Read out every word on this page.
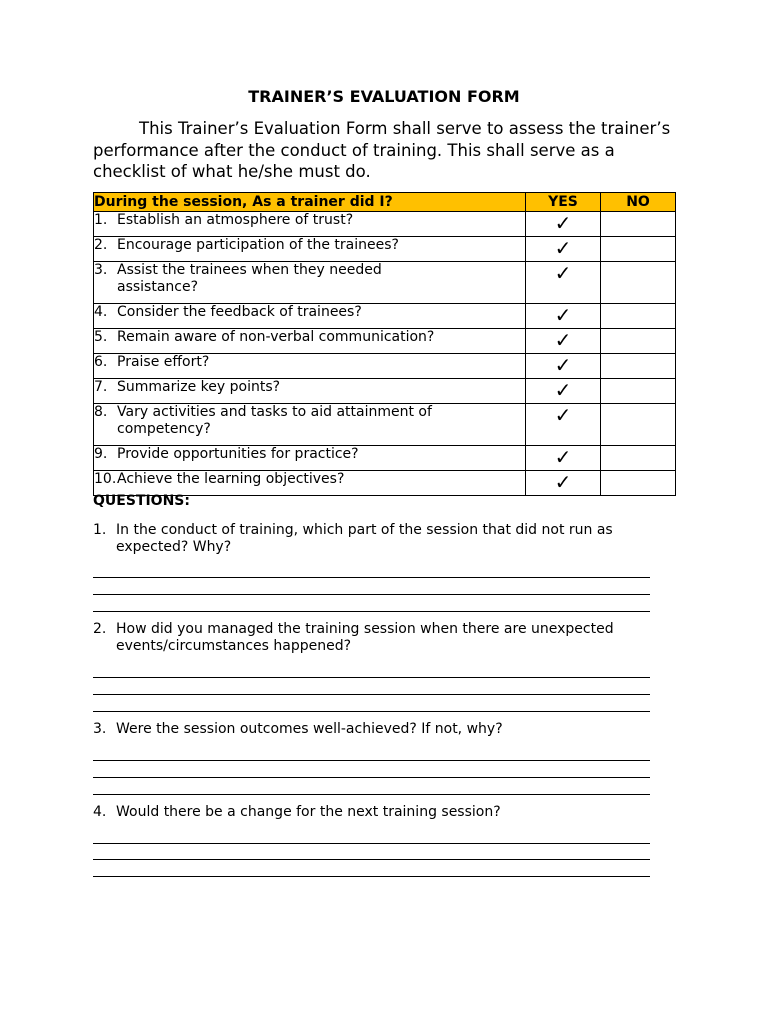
TRAINER’S EVALUATION FORM
This Trainer’s Evaluation Form shall serve to assess the trainer’s performance after the conduct of training. This shall serve as a checklist of what he/she must do.
During the session, As a trainer did I?	YES	NO
1. Establish an atmosphere of trust?	✓	
2. Encourage participation of the trainees?	✓	
3. Assist the trainees when they needed
assistance?	✓	
4. Consider the feedback of trainees?	✓	
5. Remain aware of non-verbal communication?	✓	
6. Praise effort?	✓	
7. Summarize key points?	✓	
8. Vary activities and tasks to aid attainment of
competency?	✓	
9. Provide opportunities for practice?	✓	
10.Achieve the learning objectives?	✓	
QUESTIONS:
1. In the conduct of training, which part of the session that did not run as
expected? Why?
2. How did you managed the training session when there are unexpected
events/circumstances happened?
3. Were the session outcomes well-achieved? If not, why?
4. Would there be a change for the next training session?
